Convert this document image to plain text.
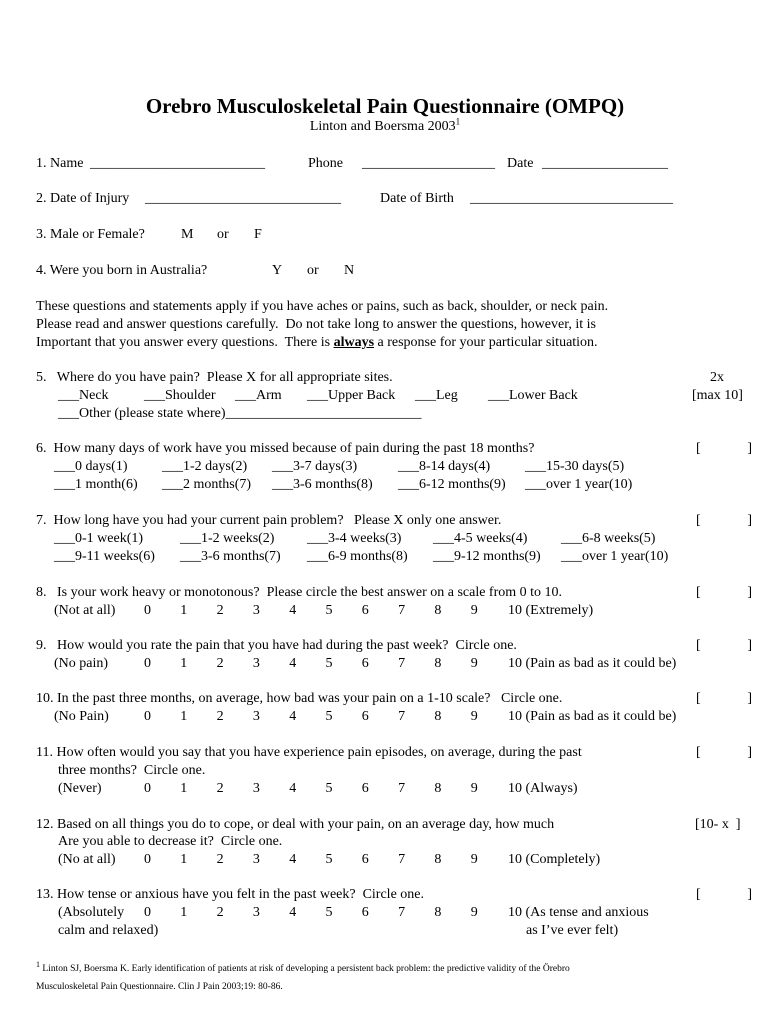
Orebro Musculoskeletal Pain Questionnaire (OMPQ)
Linton and Boersma 2003$^1$
1. Name _________________________	Phone ___________________ Date __________________
2. Date of Injury ____________________________	Date of Birth _____________________________
3. Male or Female?	M or F
4. Were you born in Australia?	Y or N
These questions and statements apply if you have aches or pains, such as back, shoulder, or neck pain.
Please read and answer questions carefully.  Do not take long to answer the questions, however, it is
Important that you answer every questions.  There is always a response for your particular situation.
5.   Where do you have pain?  Please X for all appropriate sites.	2x
[max 10]
___Neck	___Shoulder ___Arm ___Upper Back ___Leg ___Lower Back
___Other (please state where)____________________________
6.  How many days of work have you missed because of pain during the past 18 months?	[	]
___0 days(1) ___1-2 days(2) ___3-7 days(3)	___8-14 days(4) ___15-30 days(5)
___1 month(6) ___2 months(7) ___3-6 months(8) ___6-12 months(9) ___over 1 year(10)
7.  How long have you had your current pain problem?   Please X only one answer.	[	]
___0-1 week(1)	___1-2 weeks(2) ___3-4 weeks(3) ___4-5 weeks(4) ___6-8 weeks(5)
___9-11 weeks(6) ___3-6 months(7) ___6-9 months(8) ___9-12 months(9) ___over 1 year(10)
8.   Is your work heavy or monotonous?  Please circle the best answer on a scale from 0 to 10.	[	]
(Not at all) 0 1 2 3 4 5 6 7 8 9 10 (Extremely)
9.   How would you rate the pain that you have had during the past week?  Circle one.	[	]
(No pain)	0 1 2 3 4 5 6 7 8 9 10 (Pain as bad as it could be)
10. In the past three months, on average, how bad was your pain on a 1-10 scale?   Circle one.	[	]
(No Pain)	0 1 2 3 4 5 6 7 8 9 10 (Pain as bad as it could be)
11. How often would you say that you have experience pain episodes, on average, during the past	[	]
three months?  Circle one.
(Never)	0 1 2 3 4 5 6 7 8 9 10 (Always)
12. Based on all things you do to cope, or deal with your pain, on an average day, how much	[10- x  ]
Are you able to decrease it?  Circle one.
(No at all) 0 1 2 3 4 5 6 7 8 9 10 (Completely)
13. How tense or anxious have you felt in the past week?  Circle one.	[	]
(Absolutely 0 1 2 3 4 5 6 7 8 9 10 (As tense and anxious
calm and relaxed)	as I’ve ever felt)
$^1$ Linton SJ, Boersma K. Early identification of patients at risk of developing a persistent back problem: the predictive validity of the Örebro
Musculoskeletal Pain Questionnaire. Clin J Pain 2003;19: 80-86.
